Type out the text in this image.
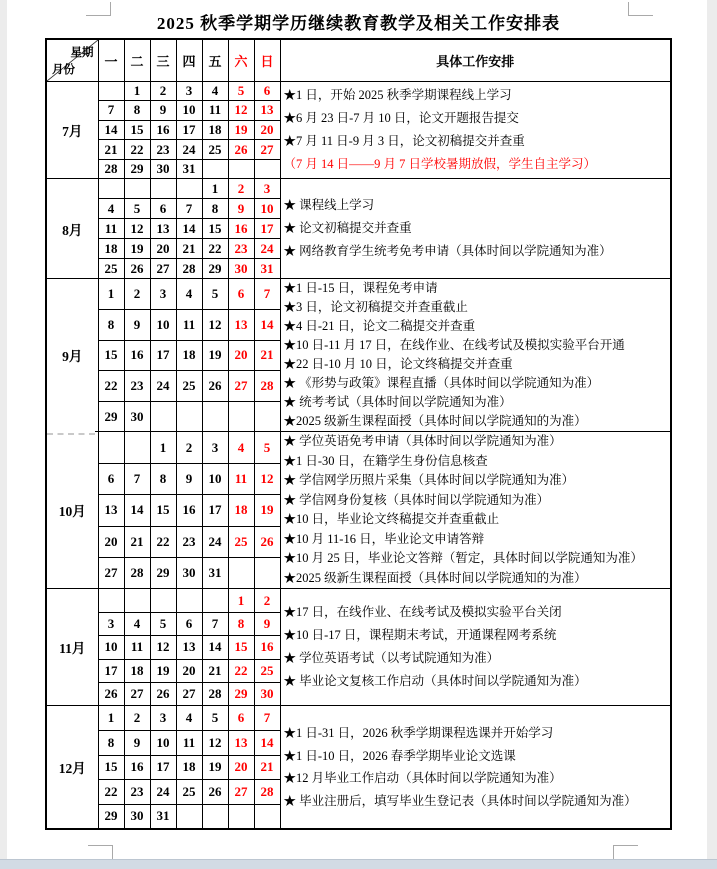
2025 秋季学期学历继续教育教学及相关工作安排表
星期
月份	一	二	三	四	五	六	日	具体工作安排
7月		1	2	3	4	5	6	★1 日，开始 2025 秋季学期课程线上学习
★6 月 23 日-7 月 10 日，论文开题报告提交
★7 月 11 日-9 月 3 日，论文初稿提交并查重
（7 月 14 日——9 月 7 日学校暑期放假，学生自主学习）

	7	8	9	10	11	12	13	
	14	15	16	17	18	19	20	
	21	22	23	24	25	26	27	
	28	29	30	31				
8月					1	2	3	★ 课程线上学习
★ 论文初稿提交并查重
★ 网络教育学生统考免考申请（具体时间以学院通知为准）

	4	5	6	7	8	9	10	
	11	12	13	14	15	16	17	
	18	19	20	21	22	23	24	
	25	26	27	28	29	30	31	
9月	1	2	3	4	5	6	7	★1 日-15 日，课程免考申请
★3 日，论文初稿提交并查重截止
★4 日-21 日，论文二稿提交并查重
★10 日-11 月 17 日，在线作业、在线考试及模拟实验平台开通
★22 日-10 月 10 日，论文终稿提交并查重
★ 《形势与政策》课程直播（具体时间以学院通知为准）
★ 统考考试（具体时间以学院通知为准）
★2025 级新生课程面授（具体时间以学院通知的为准）

	8	9	10	11	12	13	14	
	15	16	17	18	19	20	21	
	22	23	24	25	26	27	28	
	29	30						
10月			1	2	3	4	5	★ 学位英语免考申请（具体时间以学院通知为准）
★1 日-30 日，在籍学生身份信息核查
★ 学信网学历照片采集（具体时间以学院通知为准）
★ 学信网身份复核（具体时间以学院通知为准）
★10 日，毕业论文终稿提交并查重截止
★10 月 11-16 日，毕业论文申请答辩
★10 月 25 日，毕业论文答辩（暂定，具体时间以学院通知为准）
★2025 级新生课程面授（具体时间以学院通知的为准）

	6	7	8	9	10	11	12	
	13	14	15	16	17	18	19	
	20	21	22	23	24	25	26	
	27	28	29	30	31			
11月						1	2	★17 日，在线作业、在线考试及模拟实验平台关闭
★10 日-17 日，课程期末考试，开通课程网考系统
★ 学位英语考试（以考试院通知为准）
★ 毕业论文复核工作启动（具体时间以学院通知为准）

	3	4	5	6	7	8	9	
	10	11	12	13	14	15	16	
	17	18	19	20	21	22	25	
	26	27	26	27	28	29	30	
12月	1	2	3	4	5	6	7	★1 日-31 日，2026 秋季学期课程选课并开始学习
★1 日-10 日，2026 春季学期毕业论文选课
★12 月毕业工作启动（具体时间以学院通知为准）
★ 毕业注册后，填写毕业生登记表（具体时间以学院通知为准）

	8	9	10	11	12	13	14	
	15	16	17	18	19	20	21	
	22	23	24	25	26	27	28	
	29	30	31					
